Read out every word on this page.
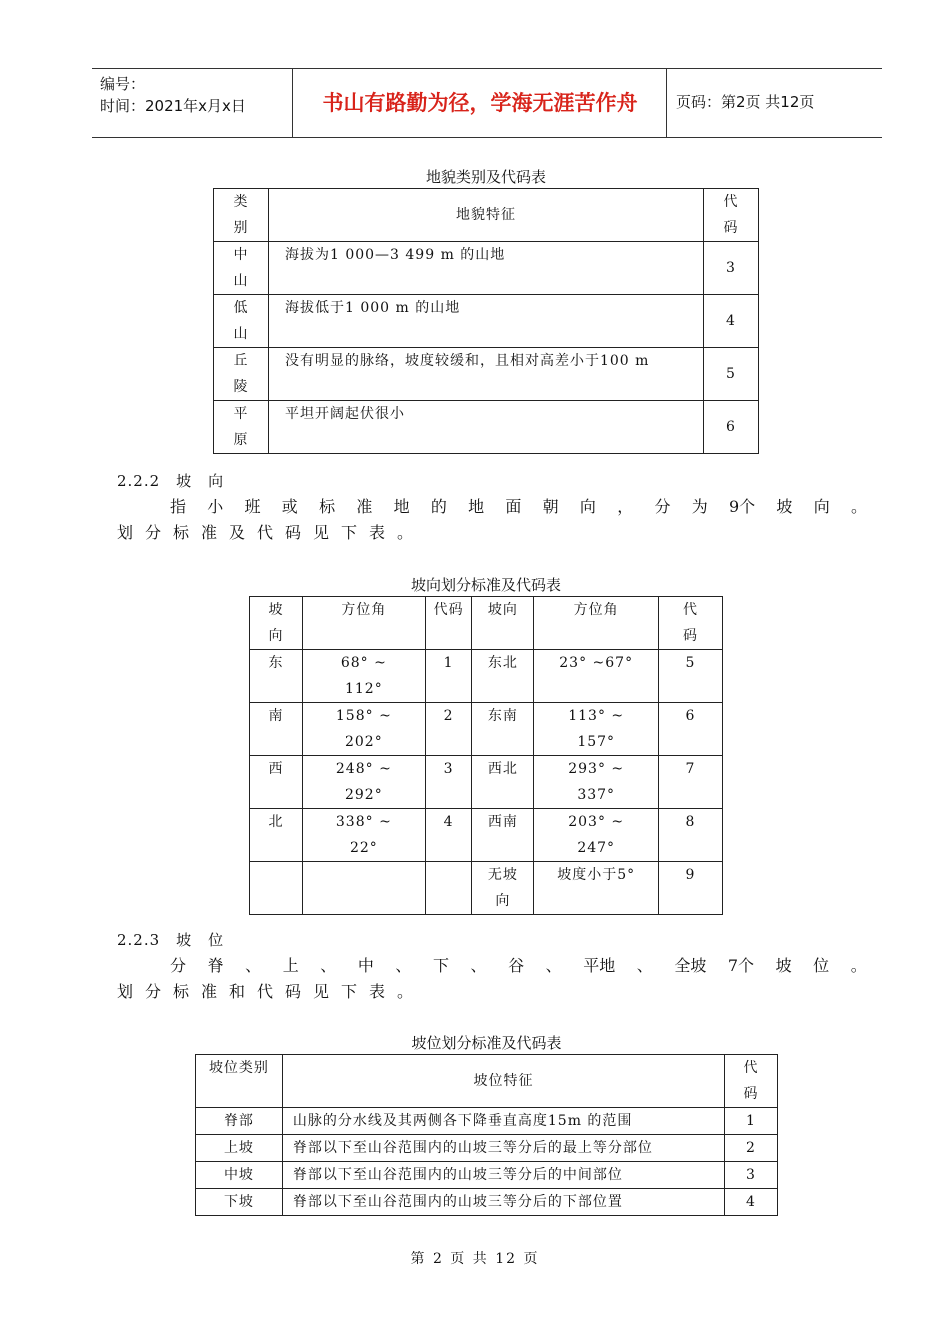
编号：
时间：2021年x月x日	书山有路勤为径，学海无涯苦作舟	页码：第2页 共12页
地貌类别及代码表
类别	地貌特征	代码
中山	海拔为1 000—3 499 m 的山地	3
低山	海拔低于1 000 m 的山地	4
丘陵	没有明显的脉络，坡度较缓和，且相对高差小于100 m	5
平原	平坦开阔起伏很小	6
2.2.2　坡　向
指 小 班 或 标 准 地 的 地 面 朝 向 ， 分 为 9个 坡 向 。
划分标准及代码见下表。
坡向划分标准及代码表
坡向	方位角	代码	坡向	方位角	代码
东	68° ~ 112°	1	东北	23° ~67°	5
南	158° ~ 202°	2	东南	113° ~ 157°	6
西	248° ~ 292°	3	西北	293° ~ 337°	7
北	338° ~ 22°	4	西南	203° ~ 247°	8
			无坡向	坡度小于5°	9
2.2.3　坡　位
分 脊 、 上 、 中 、 下 、 谷 、 平地 、 全坡 7个 坡 位 。
划分标准和代码见下表。
坡位划分标准及代码表
坡位类别	坡位特征	代码
脊部	山脉的分水线及其两侧各下降垂直高度15m 的范围	1
上坡	脊部以下至山谷范围内的山坡三等分后的最上等分部位	2
中坡	脊部以下至山谷范围内的山坡三等分后的中间部位	3
下坡	脊部以下至山谷范围内的山坡三等分后的下部位置	4
第 2 页 共 12 页
